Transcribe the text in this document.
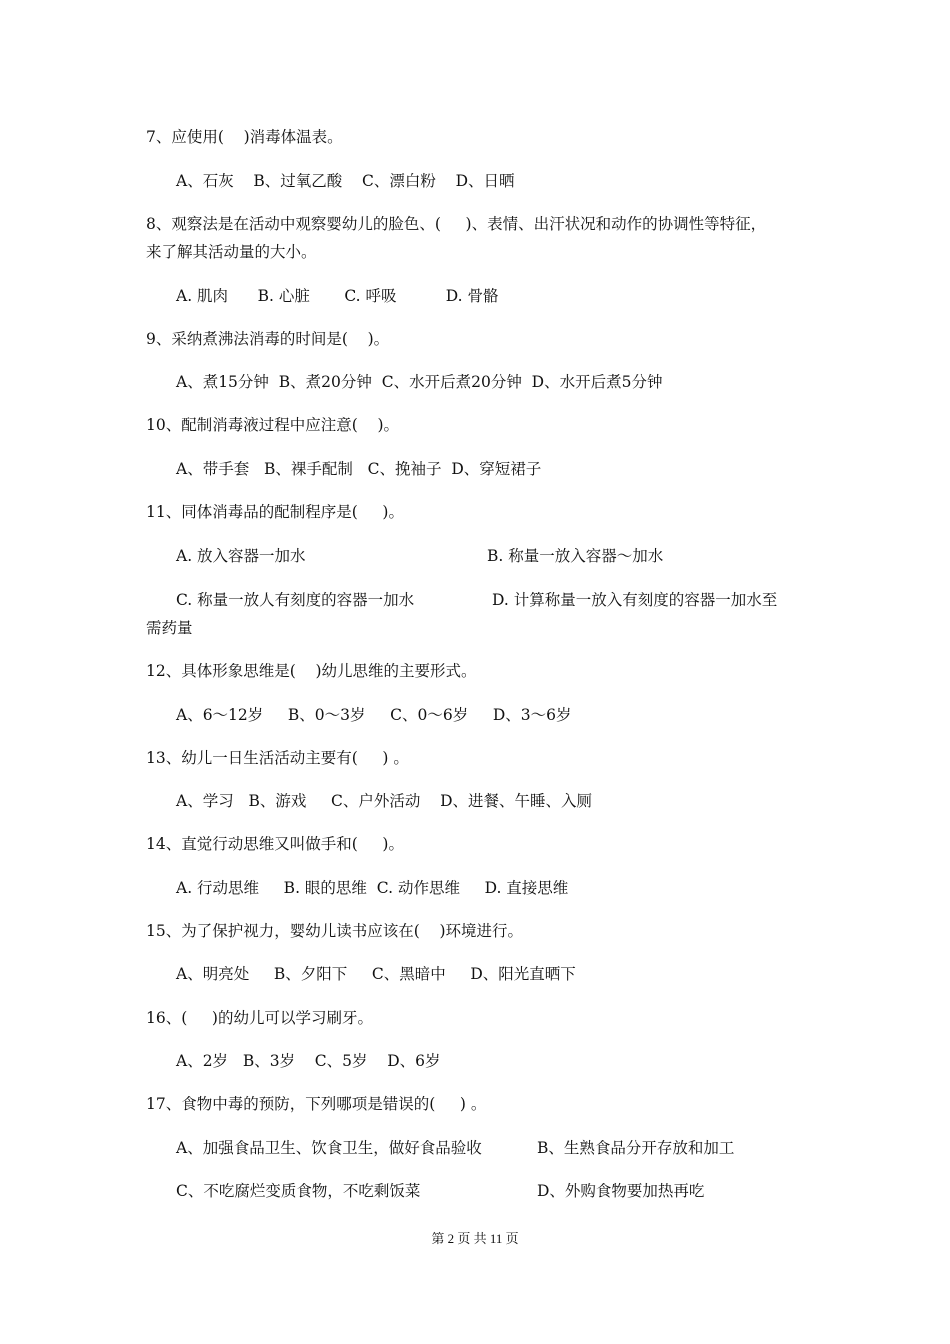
7、应使用(    )消毒体温表。
A、石灰    B、过氧乙酸    C、漂白粉    D、日晒
8、观察法是在活动中观察婴幼儿的脸色、(     )、表情、出汗状况和动作的协调性等特征，
来了解其活动量的大小。
A. 肌肉      B. 心脏       C. 呼吸          D. 骨骼
9、采纳煮沸法消毒的时间是(    )。
A、煮15分钟  B、煮20分钟  C、水开后煮20分钟  D、水开后煮5分钟
10、配制消毒液过程中应注意(    )。
A、带手套   B、裸手配制   C、挽袖子  D、穿短裙子
11、同体消毒品的配制程序是(     )。
A. 放入容器一加水	B. 称量一放入容器～加水
C. 称量一放人有刻度的容器一加水	D. 计算称量一放入有刻度的容器一加水至
需药量
12、具体形象思维是(    )幼儿思维的主要形式。
A、6～12岁     B、0～3岁     C、0～6岁     D、3～6岁
13、幼儿一日生活活动主要有(     ) 。
A、学习   B、游戏     C、户外活动    D、进餐、午睡、入厕
14、直觉行动思维又叫做手和(     )。
A. 行动思维     B. 眼的思维  C. 动作思维     D. 直接思维
15、为了保护视力，婴幼儿读书应该在(    )环境进行。
A、明亮处     B、夕阳下     C、黑暗中     D、阳光直晒下
16、(     )的幼儿可以学习刷牙。
A、2岁   B、3岁    C、5岁    D、6岁
17、食物中毒的预防，下列哪项是错误的(     ) 。
A、加强食品卫生、饮食卫生，做好食品验收	B、生熟食品分开存放和加工
C、不吃腐烂变质食物，不吃剩饭菜	D、外购食物要加热再吃
第 2 页 共 11 页
